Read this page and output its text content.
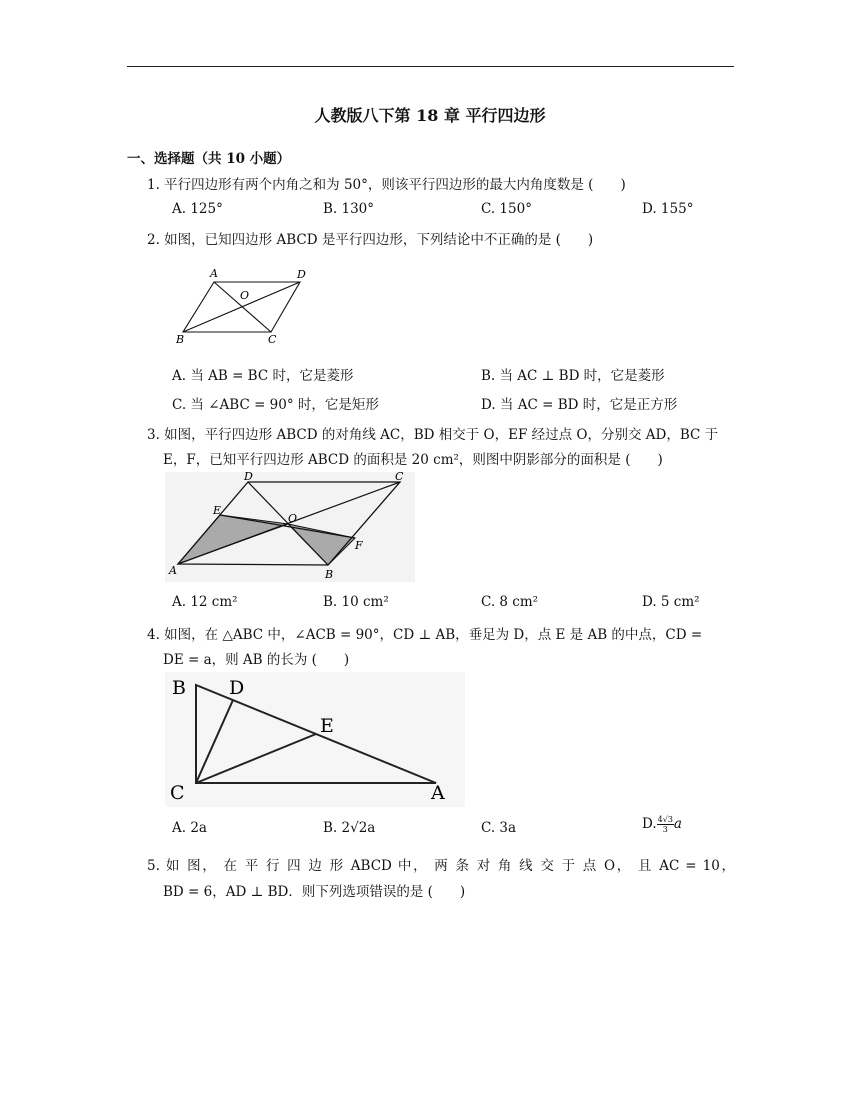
人教版八下第 18 章 平行四边形
一、选择题（共 10 小题）
1. 平行四边形有两个内角之和为 50°，则该平行四边形的最大内角度数是 (　　)
A. 125°	B. 130°	C. 150°	D. 155°
2. 如图，已知四边形 ABCD 是平行四边形，下列结论中不正确的是 (　　)
A	D
O
B	C
A. 当 AB = BC 时，它是菱形	B. 当 AC ⊥ BD 时，它是菱形
C. 当 ∠ABC = 90° 时，它是矩形	D. 当 AC = BD 时，它是正方形
3. 如图，平行四边形 ABCD 的对角线 AC，BD 相交于 O，EF 经过点 O，分别交 AD，BC 于
E，F，已知平行四边形 ABCD 的面积是 20 cm²，则图中阴影部分的面积是 (　　)
D	C
E
O
F
A	B
A. 12 cm²	B. 10 cm²	C. 8 cm²	D. 5 cm²
4. 如图，在 △ABC 中，∠ACB = 90°，CD ⊥ AB，垂足为 D，点 E 是 AB 的中点，CD =
DE = a，则 AB 的长为 (　　)
B D
E
C	A
A. 2a	B. 2√2a	C. 3a	D. $\frac{4√3}{3}$ a
5. 如 图， 在 平 行 四 边 形 ABCD 中， 两 条 对 角 线 交 于 点 O， 且 AC = 10，
BD = 6，AD ⊥ BD．则下列选项错误的是 (　　)
